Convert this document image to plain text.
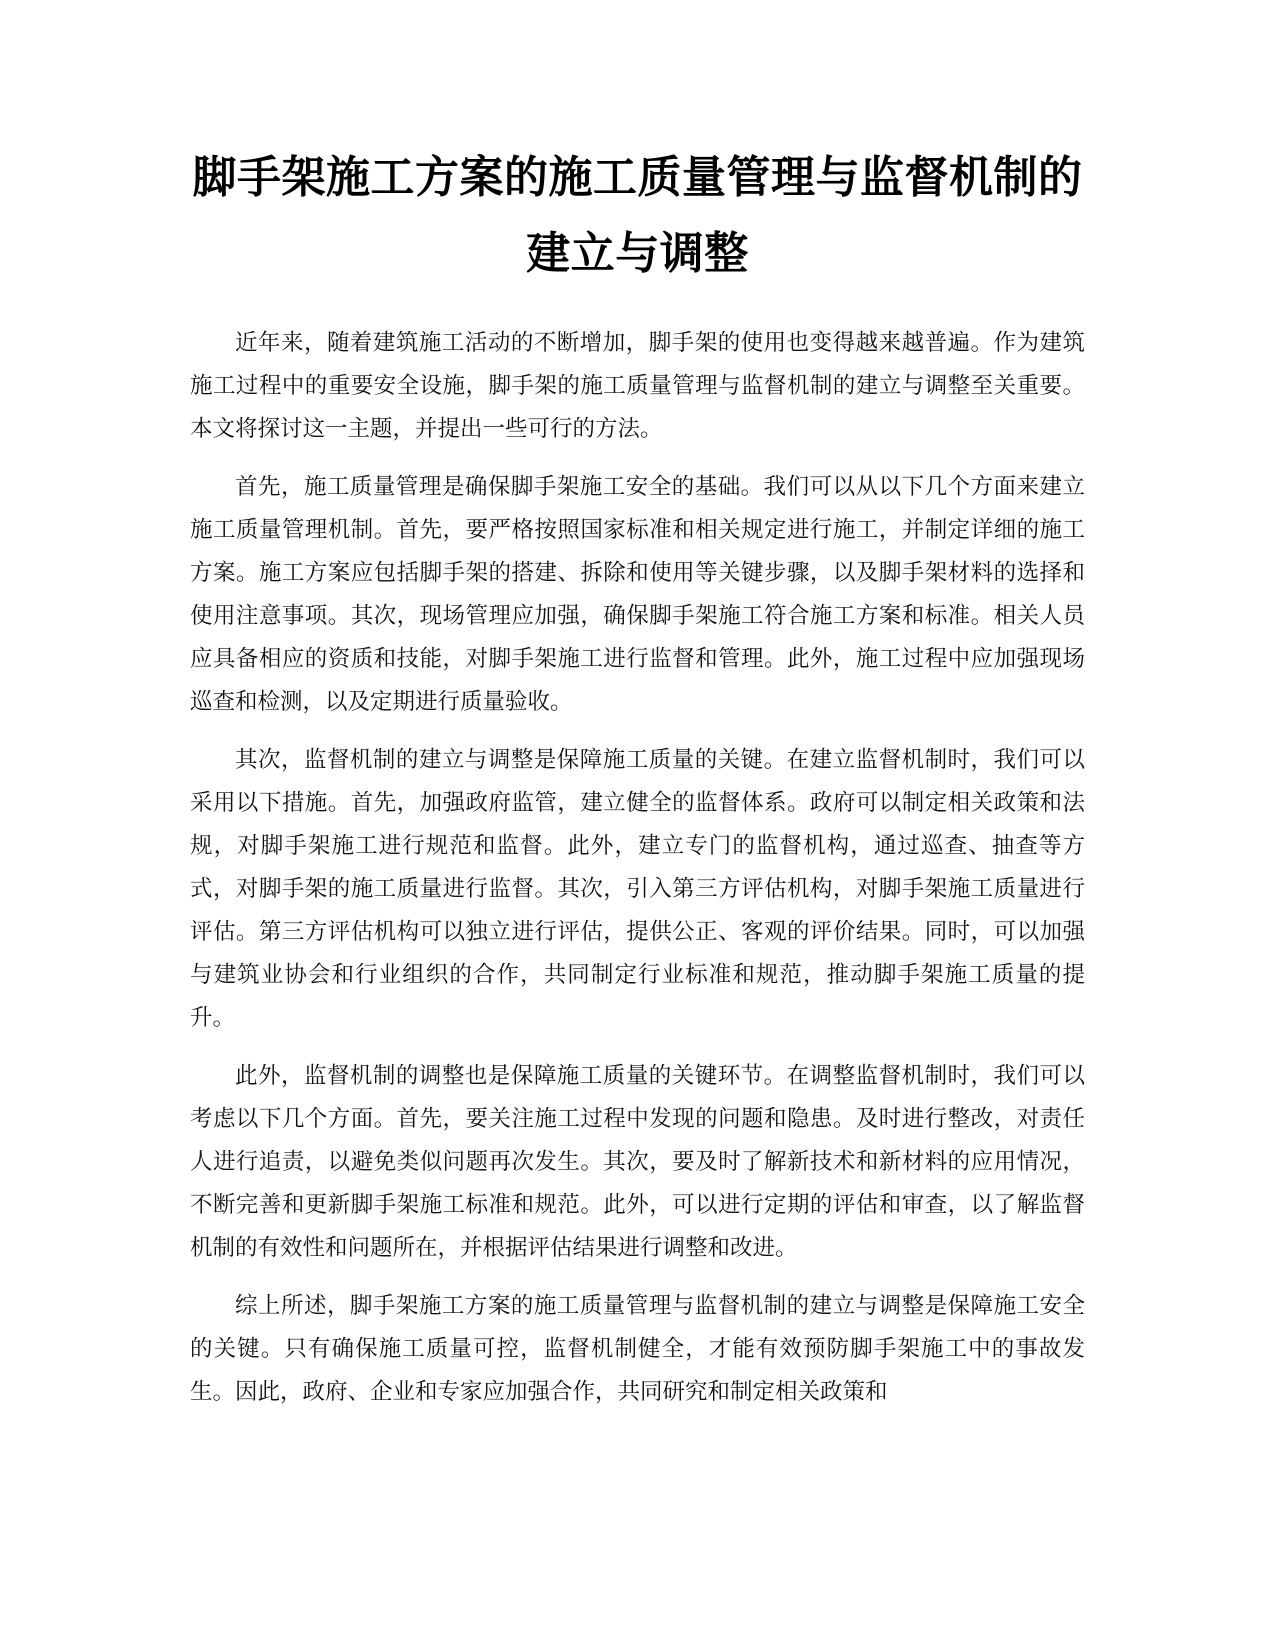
脚手架施工方案的施工质量管理与监督机制的建立与调整

近年来，随着建筑施工活动的不断增加，脚手架的使用也变得越来越普遍。作为建筑施工过程中的重要安全设施，脚手架的施工质量管理与监督机制的建立与调整至关重要。本文将探讨这一主题，并提出一些可行的方法。

首先，施工质量管理是确保脚手架施工安全的基础。我们可以从以下几个方面来建立施工质量管理机制。首先，要严格按照国家标准和相关规定进行施工，并制定详细的施工方案。施工方案应包括脚手架的搭建、拆除和使用等关键步骤，以及脚手架材料的选择和使用注意事项。其次，现场管理应加强，确保脚手架施工符合施工方案和标准。相关人员应具备相应的资质和技能，对脚手架施工进行监督和管理。此外，施工过程中应加强现场巡查和检测，以及定期进行质量验收。

其次，监督机制的建立与调整是保障施工质量的关键。在建立监督机制时，我们可以采用以下措施。首先，加强政府监管，建立健全的监督体系。政府可以制定相关政策和法规，对脚手架施工进行规范和监督。此外，建立专门的监督机构，通过巡查、抽查等方式，对脚手架的施工质量进行监督。其次，引入第三方评估机构，对脚手架施工质量进行评估。第三方评估机构可以独立进行评估，提供公正、客观的评价结果。同时，可以加强与建筑业协会和行业组织的合作，共同制定行业标准和规范，推动脚手架施工质量的提升。

此外，监督机制的调整也是保障施工质量的关键环节。在调整监督机制时，我们可以考虑以下几个方面。首先，要关注施工过程中发现的问题和隐患。及时进行整改，对责任人进行追责，以避免类似问题再次发生。其次，要及时了解新技术和新材料的应用情况，不断完善和更新脚手架施工标准和规范。此外，可以进行定期的评估和审查，以了解监督机制的有效性和问题所在，并根据评估结果进行调整和改进。

综上所述，脚手架施工方案的施工质量管理与监督机制的建立与调整是保障施工安全的关键。只有确保施工质量可控，监督机制健全，才能有效预防脚手架施工中的事故发生。因此，政府、企业和专家应加强合作，共同研究和制定相关政策和
